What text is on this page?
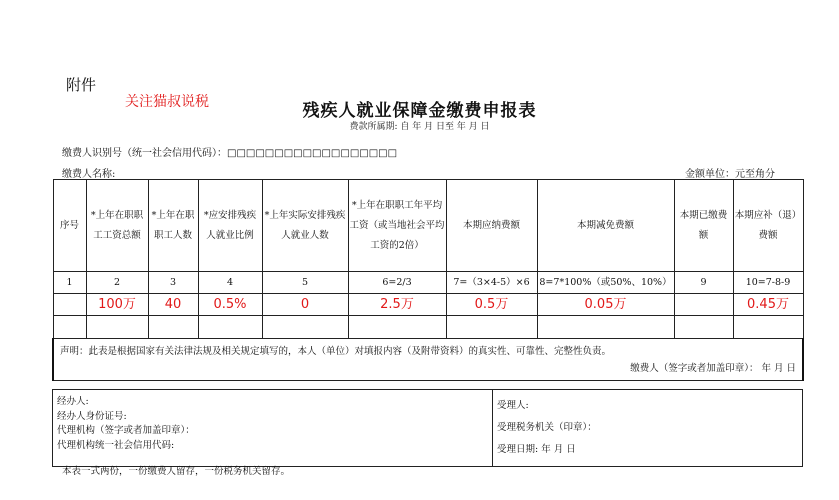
附件
关注猫叔说税	残疾人就业保障金缴费申报表
费款所属期: 自 年 月 日至 年 月 日
缴费人识别号（统一社会信用代码）：□□□□□□□□□□□□□□□□□□
缴费人名称:	金额单位：元至角分
序号	*上年在职职工工资总额	*上年在职职工人数	*应安排残疾人就业比例	*上年实际安排残疾人就业人数	*上年在职职工年平均工资（或当地社会平均工资的2倍）	本期应纳费额	本期减免费额	本期已缴费额	本期应补（退）费额
1	2	3	4	5	6=2/3	7=（3×4-5）×6	8=7*100%（或50%、10%）	9	10=7-8-9
	100万	40	0.5%	0	2.5万	0.5万	0.05万		0.45万

声明：此表是根据国家有关法律法规及相关规定填写的，本人（单位）对填报内容（及附带资料）的真实性、可靠性、完整性负责。
缴费人（签字或者加盖印章）： 年 月 日									
经办人:
经办人身份证号:
代理机构（签字或者加盖印章）：
代理机构统一社会信用代码:

受理人:
受理税务机关（印章）：
受理日期: 年 月 日
本表一式两份，一份缴费人留存，一份税务机关留存。
